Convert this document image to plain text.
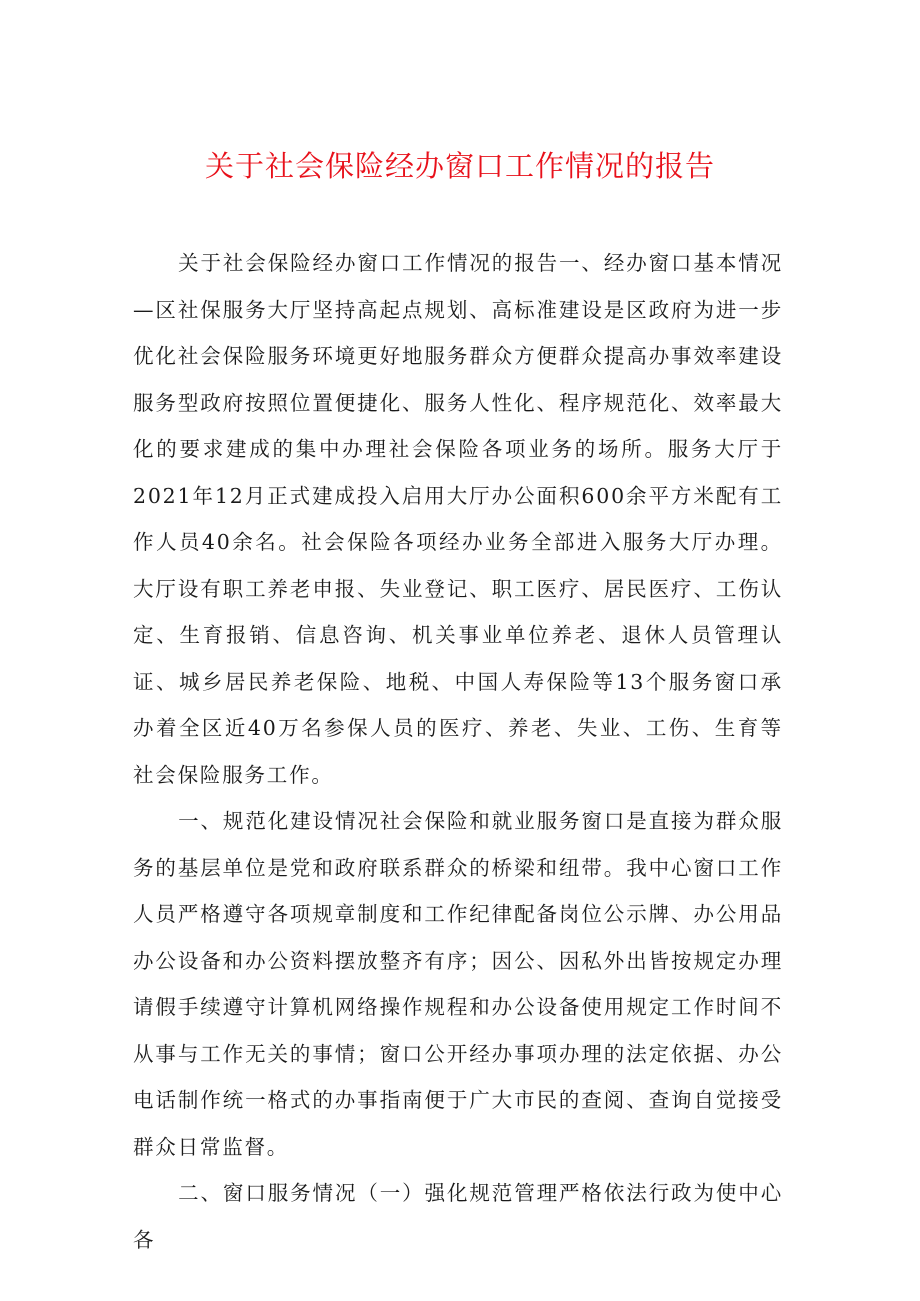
关于社会保险经办窗口工作情况的报告

关于社会保险经办窗口工作情况的报告一、经办窗口基本情况—区社保服务大厅坚持高起点规划、高标准建设是区政府为进一步优化社会保险服务环境更好地服务群众方便群众提高办事效率建设服务型政府按照位置便捷化、服务人性化、程序规范化、效率最大化的要求建成的集中办理社会保险各项业务的场所。服务大厅于2021年12月正式建成投入启用大厅办公面积600余平方米配有工作人员40余名。社会保险各项经办业务全部进入服务大厅办理。大厅设有职工养老申报、失业登记、职工医疗、居民医疗、工伤认定、生育报销、信息咨询、机关事业单位养老、退休人员管理认证、城乡居民养老保险、地税、中国人寿保险等13个服务窗口承办着全区近40万名参保人员的医疗、养老、失业、工伤、生育等社会保险服务工作。

一、规范化建设情况社会保险和就业服务窗口是直接为群众服务的基层单位是党和政府联系群众的桥梁和纽带。我中心窗口工作人员严格遵守各项规章制度和工作纪律配备岗位公示牌、办公用品办公设备和办公资料摆放整齐有序；因公、因私外出皆按规定办理请假手续遵守计算机网络操作规程和办公设备使用规定工作时间不从事与工作无关的事情；窗口公开经办事项办理的法定依据、办公电话制作统一格式的办事指南便于广大市民的查阅、查询自觉接受群众日常监督。

二、窗口服务情况（一）强化规范管理严格依法行政为使中心各
